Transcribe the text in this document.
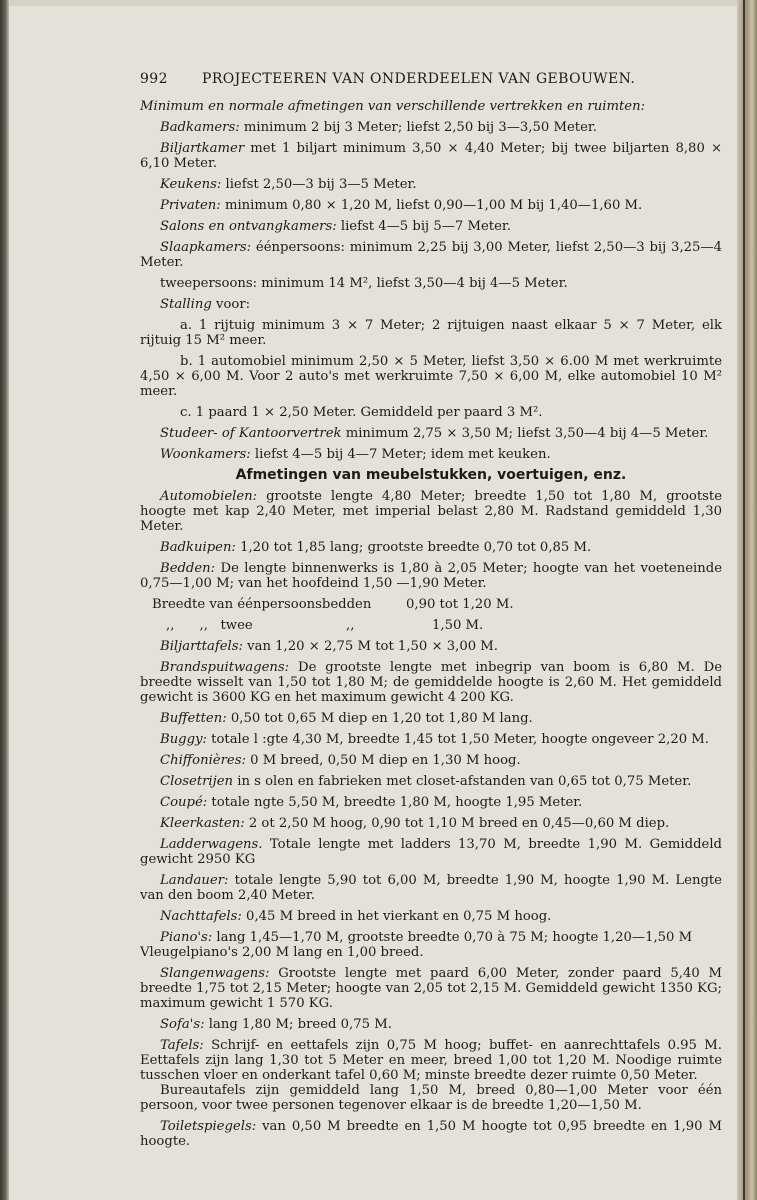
992	PROJECTEEREN VAN ONDERDEELEN VAN GEBOUWEN.

Minimum en normale afmetingen van verschillende vertrekken en ruimten:

Badkamers: minimum 2 bij 3 Meter; liefst 2,50 bij 3—3,50 Meter.

Biljartkamer met 1 biljart minimum 3,50 × 4,40 Meter; bij twee biljarten 8,80 × 6,10 Meter.

Keukens: liefst 2,50—3 bij 3—5 Meter.

Privaten: minimum 0,80 × 1,20 M, liefst 0,90—1,00 M bij 1,40—1,60 M.

Salons en ontvangkamers: liefst 4—5 bij 5—7 Meter.

Slaapkamers: éénpersoons: minimum 2,25 bij 3,00 Meter, liefst 2,50—3 bij 3,25—4 Meter.

tweepersoons: minimum 14 M², liefst 3,50—4 bij 4—5 Meter.

Stalling voor:

a. 1 rijtuig minimum 3 × 7 Meter; 2 rijtuigen naast elkaar 5 × 7 Meter, elk rijtuig 15 M² meer.

b. 1 automobiel minimum 2,50 × 5 Meter, liefst 3,50 × 6.00 M met werkruimte 4,50 × 6,00 M. Voor 2 auto's met werkruimte 7,50 × 6,00 M, elke automobiel 10 M² meer.

c. 1 paard 1 × 2,50 Meter. Gemiddeld per paard 3 M².

Studeer- of Kantoorvertrek minimum 2,75 × 3,50 M; liefst 3,50—4 bij 4—5 Meter.

Woonkamers: liefst 4—5 bij 4—7 Meter; idem met keuken.

Afmetingen van meubelstukken, voertuigen, enz.

Automobielen: grootste lengte 4,80 Meter; breedte 1,50 tot 1,80 M, grootste hoogte met kap 2,40 Meter, met imperial belast 2,80 M. Radstand gemiddeld 1,30 Meter.

Badkuipen: 1,20 tot 1,85 lang; grootste breedte 0,70 tot 0,85 M.

Bedden: De lengte binnenwerks is 1,80 à 2,05 Meter; hoogte van het voeteneinde 0,75—1,00 M; van het hoofdeind 1,50 —1,90 Meter.

Breedte van éénpersoonsbedden	0,90 tot 1,20 M.
,,      ,,   twee	,,	1,50 M.

Biljarttafels: van 1,20 × 2,75 M tot 1,50 × 3,00 M.

Brandspuitwagens: De grootste lengte met inbegrip van boom is 6,80 M. De breedte wisselt van 1,50 tot 1,80 M; de gemiddelde hoogte is 2,60 M. Het gemiddeld gewicht is 3600 KG en het maximum gewicht 4 200 KG.

Buffetten: 0,50 tot 0,65 M diep en 1,20 tot 1,80 M lang.

Buggy: totale l :gte 4,30 M, breedte 1,45 tot 1,50 Meter, hoogte ongeveer 2,20 M.

Chiffonières: 0 M breed, 0,50 M diep en 1,30 M hoog.

Closetrijen in s olen en fabrieken met closet-afstanden van 0,65 tot 0,75 Meter.

Coupé: totale ngte 5,50 M, breedte 1,80 M, hoogte 1,95 Meter.

Kleerkasten: 2 ot 2,50 M hoog, 0,90 tot 1,10 M breed en 0,45—0,60 M diep.

Ladderwagens. Totale lengte met ladders 13,70 M, breedte 1,90 M. Gemiddeld gewicht 2950 KG

Landauer: totale lengte 5,90 tot 6,00 M, breedte 1,90 M, hoogte 1,90 M. Lengte van den boom 2,40 Meter.

Nachttafels: 0,45 M breed in het vierkant en 0,75 M hoog.

Piano's: lang 1,45—1,70 M, grootste breedte 0,70 à 75 M; hoogte 1,20—1,50 M

Vleugelpiano's 2,00 M lang en 1,00 breed.

Slangenwagens: Grootste lengte met paard 6,00 Meter, zonder paard 5,40 M breedte 1,75 tot 2,15 Meter; hoogte van 2,05 tot 2,15 M. Gemiddeld gewicht 1350 KG; maximum gewicht 1 570 KG.

Sofa's: lang 1,80 M; breed 0,75 M.

Tafels: Schrijf- en eettafels zijn 0,75 M hoog; buffet- en aanrechttafels 0.95 M. Eettafels zijn lang 1,30 tot 5 Meter en meer, breed 1,00 tot 1,20 M. Noodige ruimte tusschen vloer en onderkant tafel 0,60 M; minste breedte dezer ruimte 0,50 Meter.

Bureautafels zijn gemiddeld lang 1,50 M, breed 0,80—1,00 Meter voor één persoon, voor twee personen tegenover elkaar is de breedte 1,20—1,50 M.

Toiletspiegels: van 0,50 M breedte en 1,50 M hoogte tot 0,95 breedte en 1,90 M hoogte.
